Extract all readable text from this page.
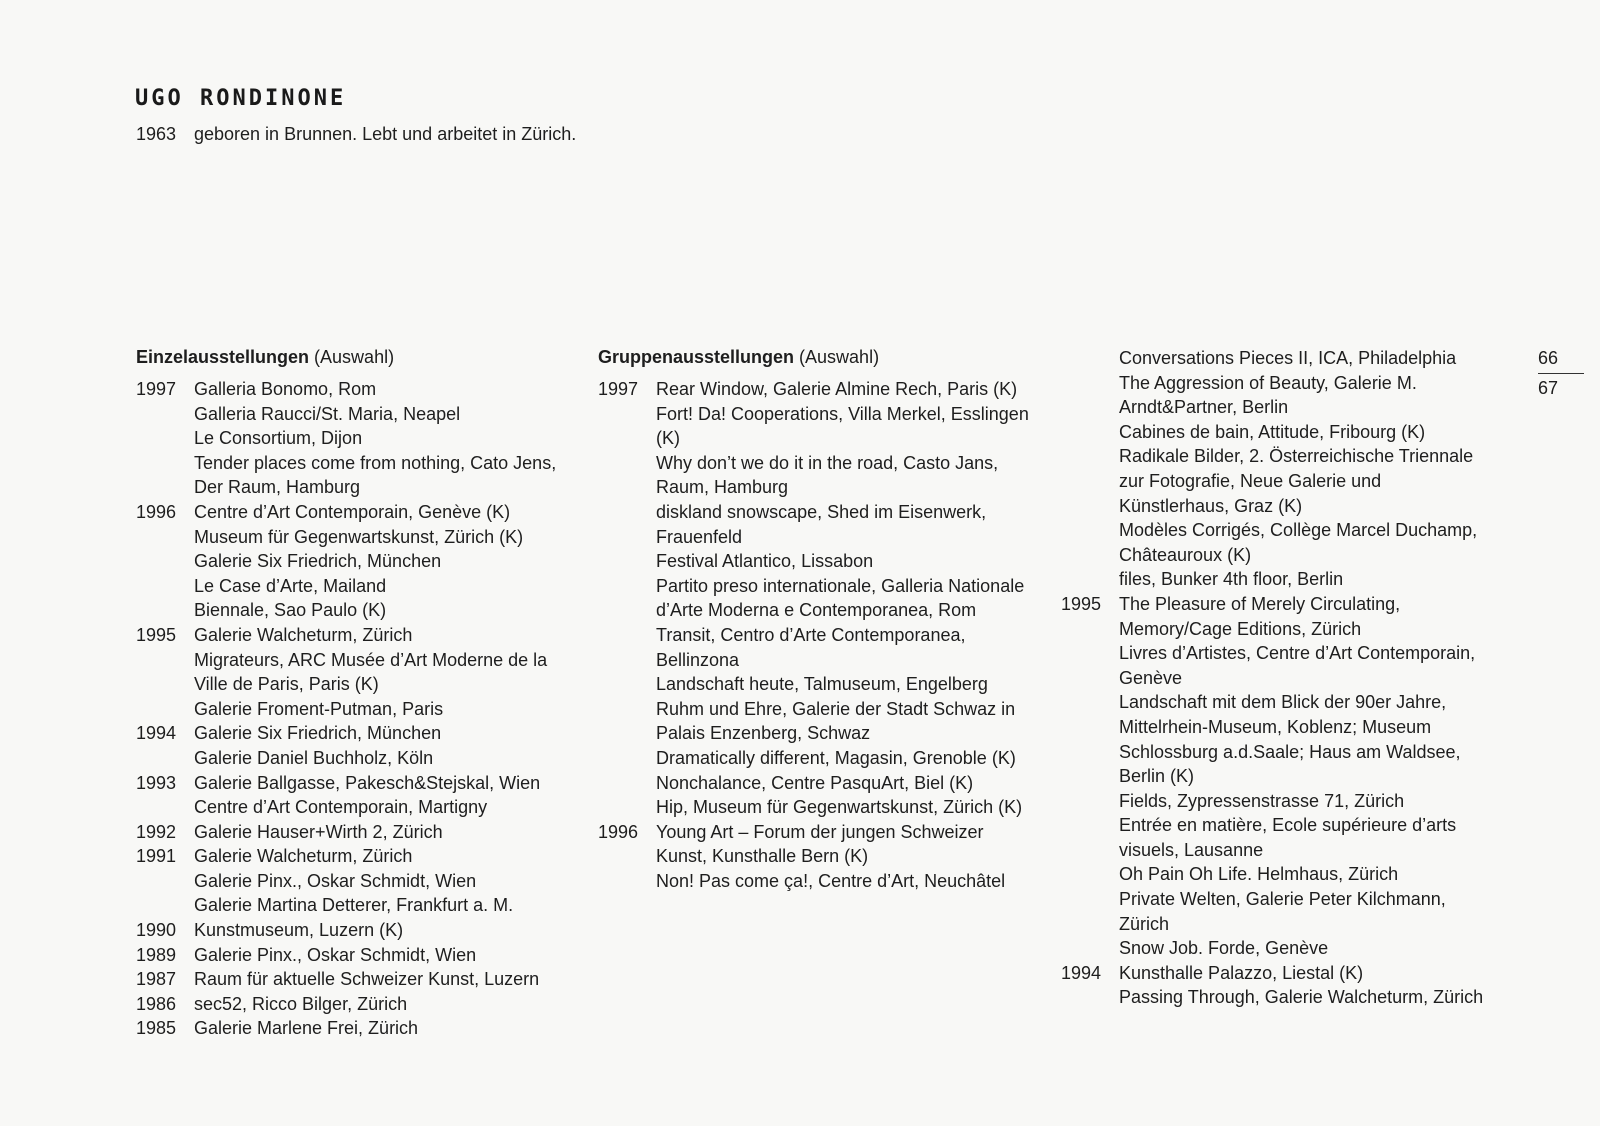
UGO RONDINONE
1963 geboren in Brunnen. Lebt und arbeitet in Zürich.
Einzelausstellungen (Auswahl)
1997 Galleria Bonomo, Rom
Galleria Raucci/St. Maria, Neapel
Le Consortium, Dijon
Tender places come from nothing, Cato Jens, Der Raum, Hamburg
1996 Centre d’Art Contemporain, Genève (K)
Museum für Gegenwartskunst, Zürich (K)
Galerie Six Friedrich, München
Le Case d’Arte, Mailand
Biennale, Sao Paulo (K)
1995 Galerie Walcheturm, Zürich
Migrateurs, ARC Musée d’Art Moderne de la Ville de Paris, Paris (K)
Galerie Froment-Putman, Paris
1994 Galerie Six Friedrich, München
Galerie Daniel Buchholz, Köln
1993 Galerie Ballgasse, Pakesch&Stejskal, Wien
Centre d’Art Contemporain, Martigny
1992 Galerie Hauser+Wirth 2, Zürich
1991 Galerie Walcheturm, Zürich
Galerie Pinx., Oskar Schmidt, Wien
Galerie Martina Detterer, Frankfurt a. M.
1990 Kunstmuseum, Luzern (K)
1989 Galerie Pinx., Oskar Schmidt, Wien
1987 Raum für aktuelle Schweizer Kunst, Luzern
1986 sec52, Ricco Bilger, Zürich
1985 Galerie Marlene Frei, Zürich
Gruppenausstellungen (Auswahl)
1997 Rear Window, Galerie Almine Rech, Paris (K)
Fort! Da! Cooperations, Villa Merkel, Esslingen (K)
Why don’t we do it in the road, Casto Jans, Raum, Hamburg
diskland snowscape, Shed im Eisenwerk, Frauenfeld
Festival Atlantico, Lissabon
Partito preso internationale, Galleria Nationale d’Arte Moderna e Contemporanea, Rom
Transit, Centro d’Arte Contemporanea, Bellinzona
Landschaft heute, Talmuseum, Engelberg
Ruhm und Ehre, Galerie der Stadt Schwaz in Palais Enzenberg, Schwaz
Dramatically different, Magasin, Grenoble (K)
Nonchalance, Centre PasquArt, Biel (K)
Hip, Museum für Gegenwartskunst, Zürich (K)
1996 Young Art – Forum der jungen Schweizer Kunst, Kunsthalle Bern (K)
Non! Pas come ça!, Centre d’Art, Neuchâtel
Conversations Pieces II, ICA, Philadelphia
The Aggression of Beauty, Galerie M. Arndt&Partner, Berlin
Cabines de bain, Attitude, Fribourg (K)
Radikale Bilder, 2. Österreichische Triennale zur Fotografie, Neue Galerie und Künstlerhaus, Graz (K)
Modèles Corrigés, Collège Marcel Duchamp, Châteauroux (K)
files, Bunker 4th floor, Berlin
1995 The Pleasure of Merely Circulating, Memory/Cage Editions, Zürich
Livres d’Artistes, Centre d’Art Contemporain, Genève
Landschaft mit dem Blick der 90er Jahre, Mittelrhein-Museum, Koblenz; Museum Schlossburg a.d.Saale; Haus am Waldsee, Berlin (K)
Fields, Zypressenstrasse 71, Zürich
Entrée en matière, Ecole supérieure d’arts visuels, Lausanne
Oh Pain Oh Life. Helmhaus, Zürich
Private Welten, Galerie Peter Kilchmann, Zürich
Snow Job. Forde, Genève
1994 Kunsthalle Palazzo, Liestal (K)
Passing Through, Galerie Walcheturm, Zürich
66
67
